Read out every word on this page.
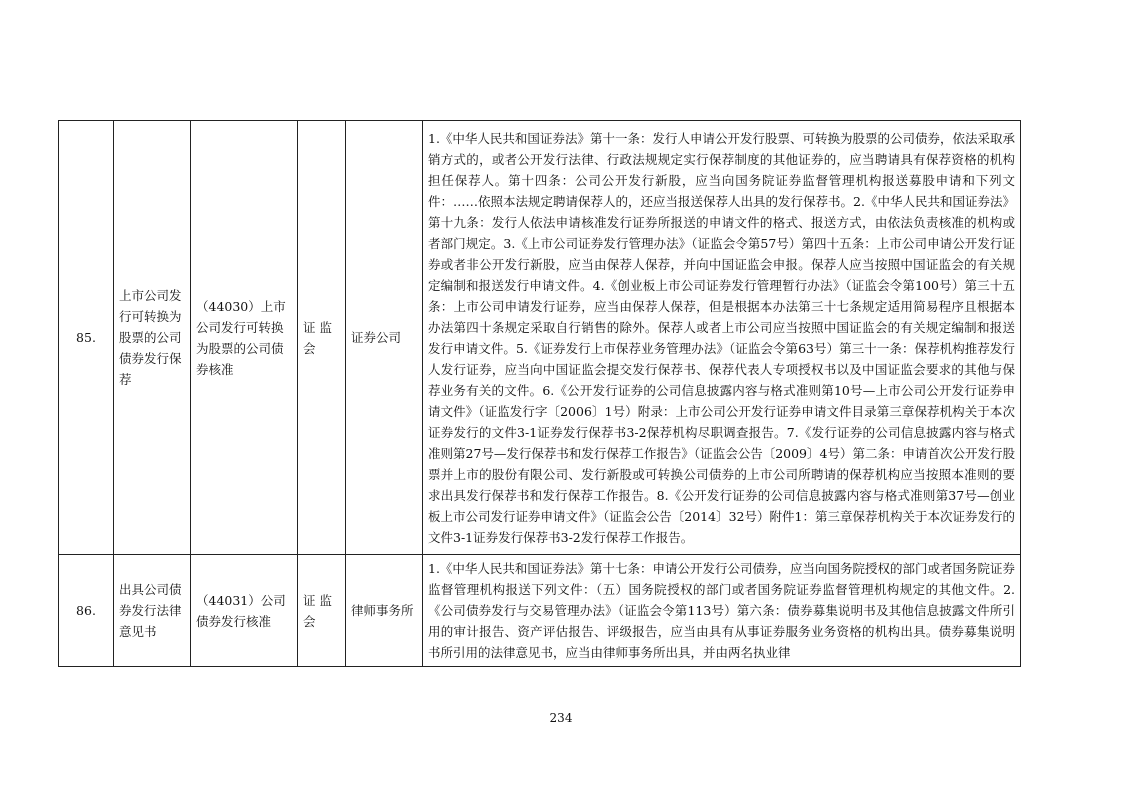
85.	上市公司发行可转换为股票的公司债券发行保荐	（44030）上市公司发行可转换为股票的公司债券核准	证 监会	证券公司	1.《中华人民共和国证券法》第十一条：发行人申请公开发行股票、可转换为股票的公司债券，依法采取承销方式的，或者公开发行法律、行政法规规定实行保荐制度的其他证券的，应当聘请具有保荐资格的机构担任保荐人。第十四条：公司公开发行新股，应当向国务院证券监督管理机构报送募股申请和下列文件：……依照本法规定聘请保荐人的，还应当报送保荐人出具的发行保荐书。2.《中华人民共和国证券法》第十九条：发行人依法申请核准发行证券所报送的申请文件的格式、报送方式，由依法负责核准的机构或者部门规定。3.《上市公司证券发行管理办法》（证监会令第57号）第四十五条：上市公司申请公开发行证券或者非公开发行新股，应当由保荐人保荐，并向中国证监会申报。保荐人应当按照中国证监会的有关规定编制和报送发行申请文件。4.《创业板上市公司证券发行管理暂行办法》（证监会令第100号）第三十五条：上市公司申请发行证券，应当由保荐人保荐，但是根据本办法第三十七条规定适用简易程序且根据本办法第四十条规定采取自行销售的除外。保荐人或者上市公司应当按照中国证监会的有关规定编制和报送发行申请文件。5.《证券发行上市保荐业务管理办法》（证监会令第63号）第三十一条：保荐机构推荐发行人发行证券，应当向中国证监会提交发行保荐书、保荐代表人专项授权书以及中国证监会要求的其他与保荐业务有关的文件。6.《公开发行证券的公司信息披露内容与格式准则第10号—上市公司公开发行证券申请文件》（证监发行字〔2006〕1号）附录：上市公司公开发行证券申请文件目录第三章保荐机构关于本次证券发行的文件3-1证券发行保荐书3-2保荐机构尽职调查报告。7.《发行证券的公司信息披露内容与格式准则第27号—发行保荐书和发行保荐工作报告》（证监会公告〔2009〕4号）第二条：申请首次公开发行股票并上市的股份有限公司、发行新股或可转换公司债券的上市公司所聘请的保荐机构应当按照本准则的要求出具发行保荐书和发行保荐工作报告。8.《公开发行证券的公司信息披露内容与格式准则第37号—创业板上市公司发行证券申请文件》（证监会公告〔2014〕32号）附件1：第三章保荐机构关于本次证券发行的文件3-1证券发行保荐书3-2发行保荐工作报告。
86.	出具公司债券发行法律意见书	（44031）公司债券发行核准	证 监会	律师事务所	1.《中华人民共和国证券法》第十七条：申请公开发行公司债券，应当向国务院授权的部门或者国务院证券监督管理机构报送下列文件：（五）国务院授权的部门或者国务院证券监督管理机构规定的其他文件。2.《公司债券发行与交易管理办法》（证监会令第113号）第六条：债券募集说明书及其他信息披露文件所引用的审计报告、资产评估报告、评级报告，应当由具有从事证券服务业务资格的机构出具。债券募集说明书所引用的法律意见书，应当由律师事务所出具，并由两名执业律
234
